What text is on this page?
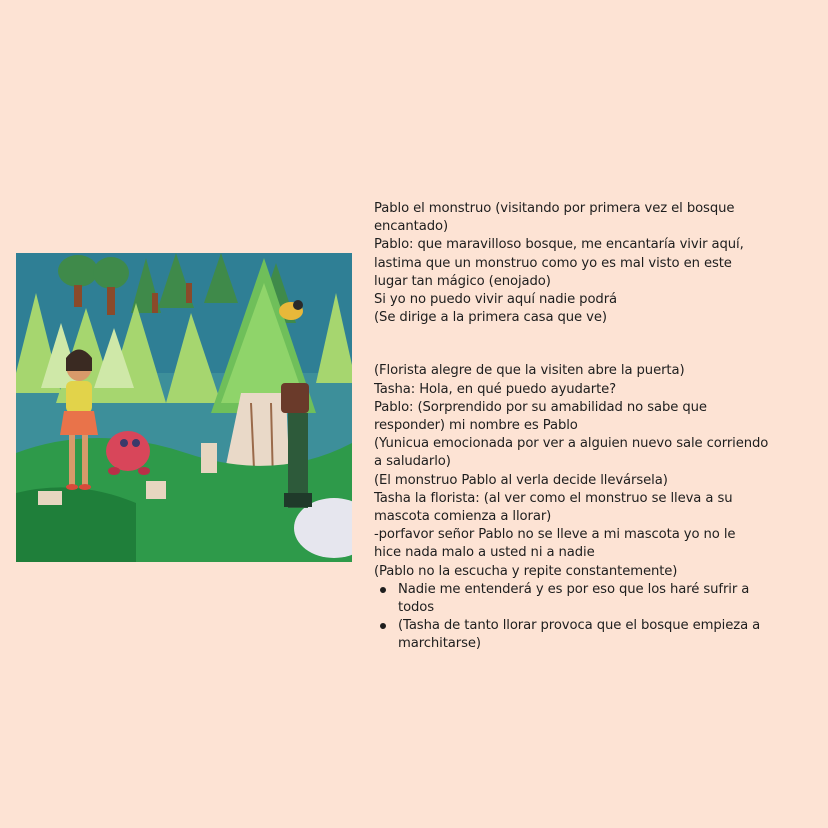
Pablo el monstruo (visitando por primera vez el bosque
encantado)
Pablo: que maravilloso bosque, me encantaría vivir aquí,
lastima que un monstruo como yo es mal visto en este
lugar tan mágico (enojado)
Si yo no puedo vivir aquí nadie podrá
(Se dirige a la primera casa que ve)
(Florista alegre de que la visiten abre la puerta)
Tasha: Hola, en qué puedo ayudarte?
Pablo: (Sorprendido por su amabilidad no sabe que
responder) mi nombre es Pablo
(Yunicua emocionada por ver a alguien nuevo sale corriendo
a saludarlo)
(El monstruo Pablo al verla decide llevársela)
Tasha la florista: (al ver como el monstruo se lleva a su
mascota comienza a llorar)
-porfavor señor Pablo no se lleve a mi mascota yo no le
hice nada malo a usted ni a nadie
(Pablo no la escucha y repite constantemente)
Nadie me entenderá y es por eso que los haré sufrir a
todos
(Tasha de tanto llorar provoca que el bosque empieza a
marchitarse)
